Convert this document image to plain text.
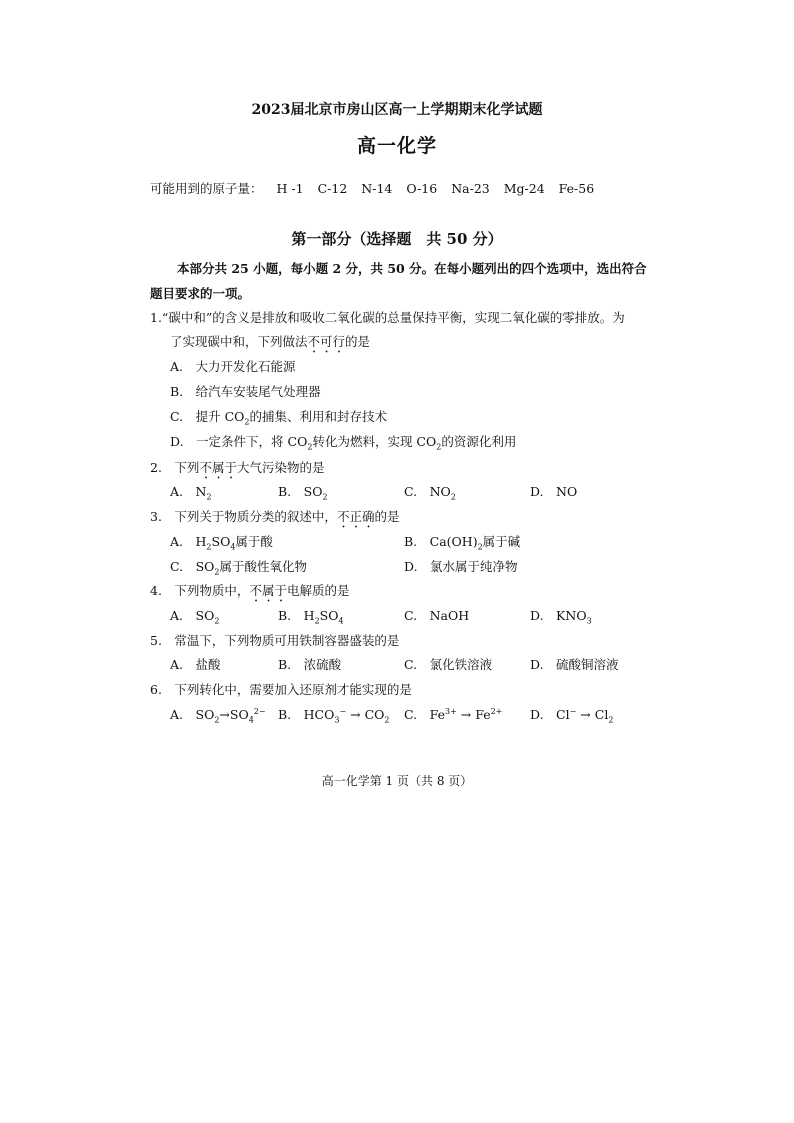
2023届北京市房山区高一上学期期末化学试题
高一化学
可能用到的原子量： H -1 C-12 N-14 O-16 Na-23 Mg-24 Fe-56
第一部分（选择题　共 50 分）
本部分共 25 小题，每小题 2 分，共 50 分。在每小题列出的四个选项中，选出符合
题目要求的一项。
1.“碳中和”的含义是排放和吸收二氧化碳的总量保持平衡，实现二氧化碳的零排放。为
了实现碳中和，下列做法不可行的是
A.　大力开发化石能源
B.　给汽车安装尾气处理器
C.　提升 $CO_2$的捕集、利用和封存技术
D.　一定条件下，将 $CO_2$转化为燃料，实现 $CO_2$的资源化利用
2.　下列不属于大气污染物的是
A.　$N_2$	B.　$SO_2$	C.　$NO_2$	D.　NO
3.　下列关于物质分类的叙述中，不正确的是
A.　$H_2SO_4$属于酸	B.　$Ca(OH)_2$属于碱
C.　$SO_2$属于酸性氧化物	D.　氯水属于纯净物
4.　下列物质中，不属于电解质的是
A.　$SO_2$	B.　$H_2SO_4$	C.　NaOH	D.　$KNO_3$
5.　常温下，下列物质可用铁制容器盛装的是
A.　盐酸	B.　浓硫酸	C.　氯化铁溶液	D.　硫酸铜溶液
6.　下列转化中，需要加入还原剂才能实现的是
A.　$SO_2\to SO_4^{2-}$ B.　$HCO_3^- \to CO_2$ C.　$Fe^{3+} \to Fe^{2+}$ D.　$Cl^- \to Cl_2$
高一化学第 1 页（共 8 页）
